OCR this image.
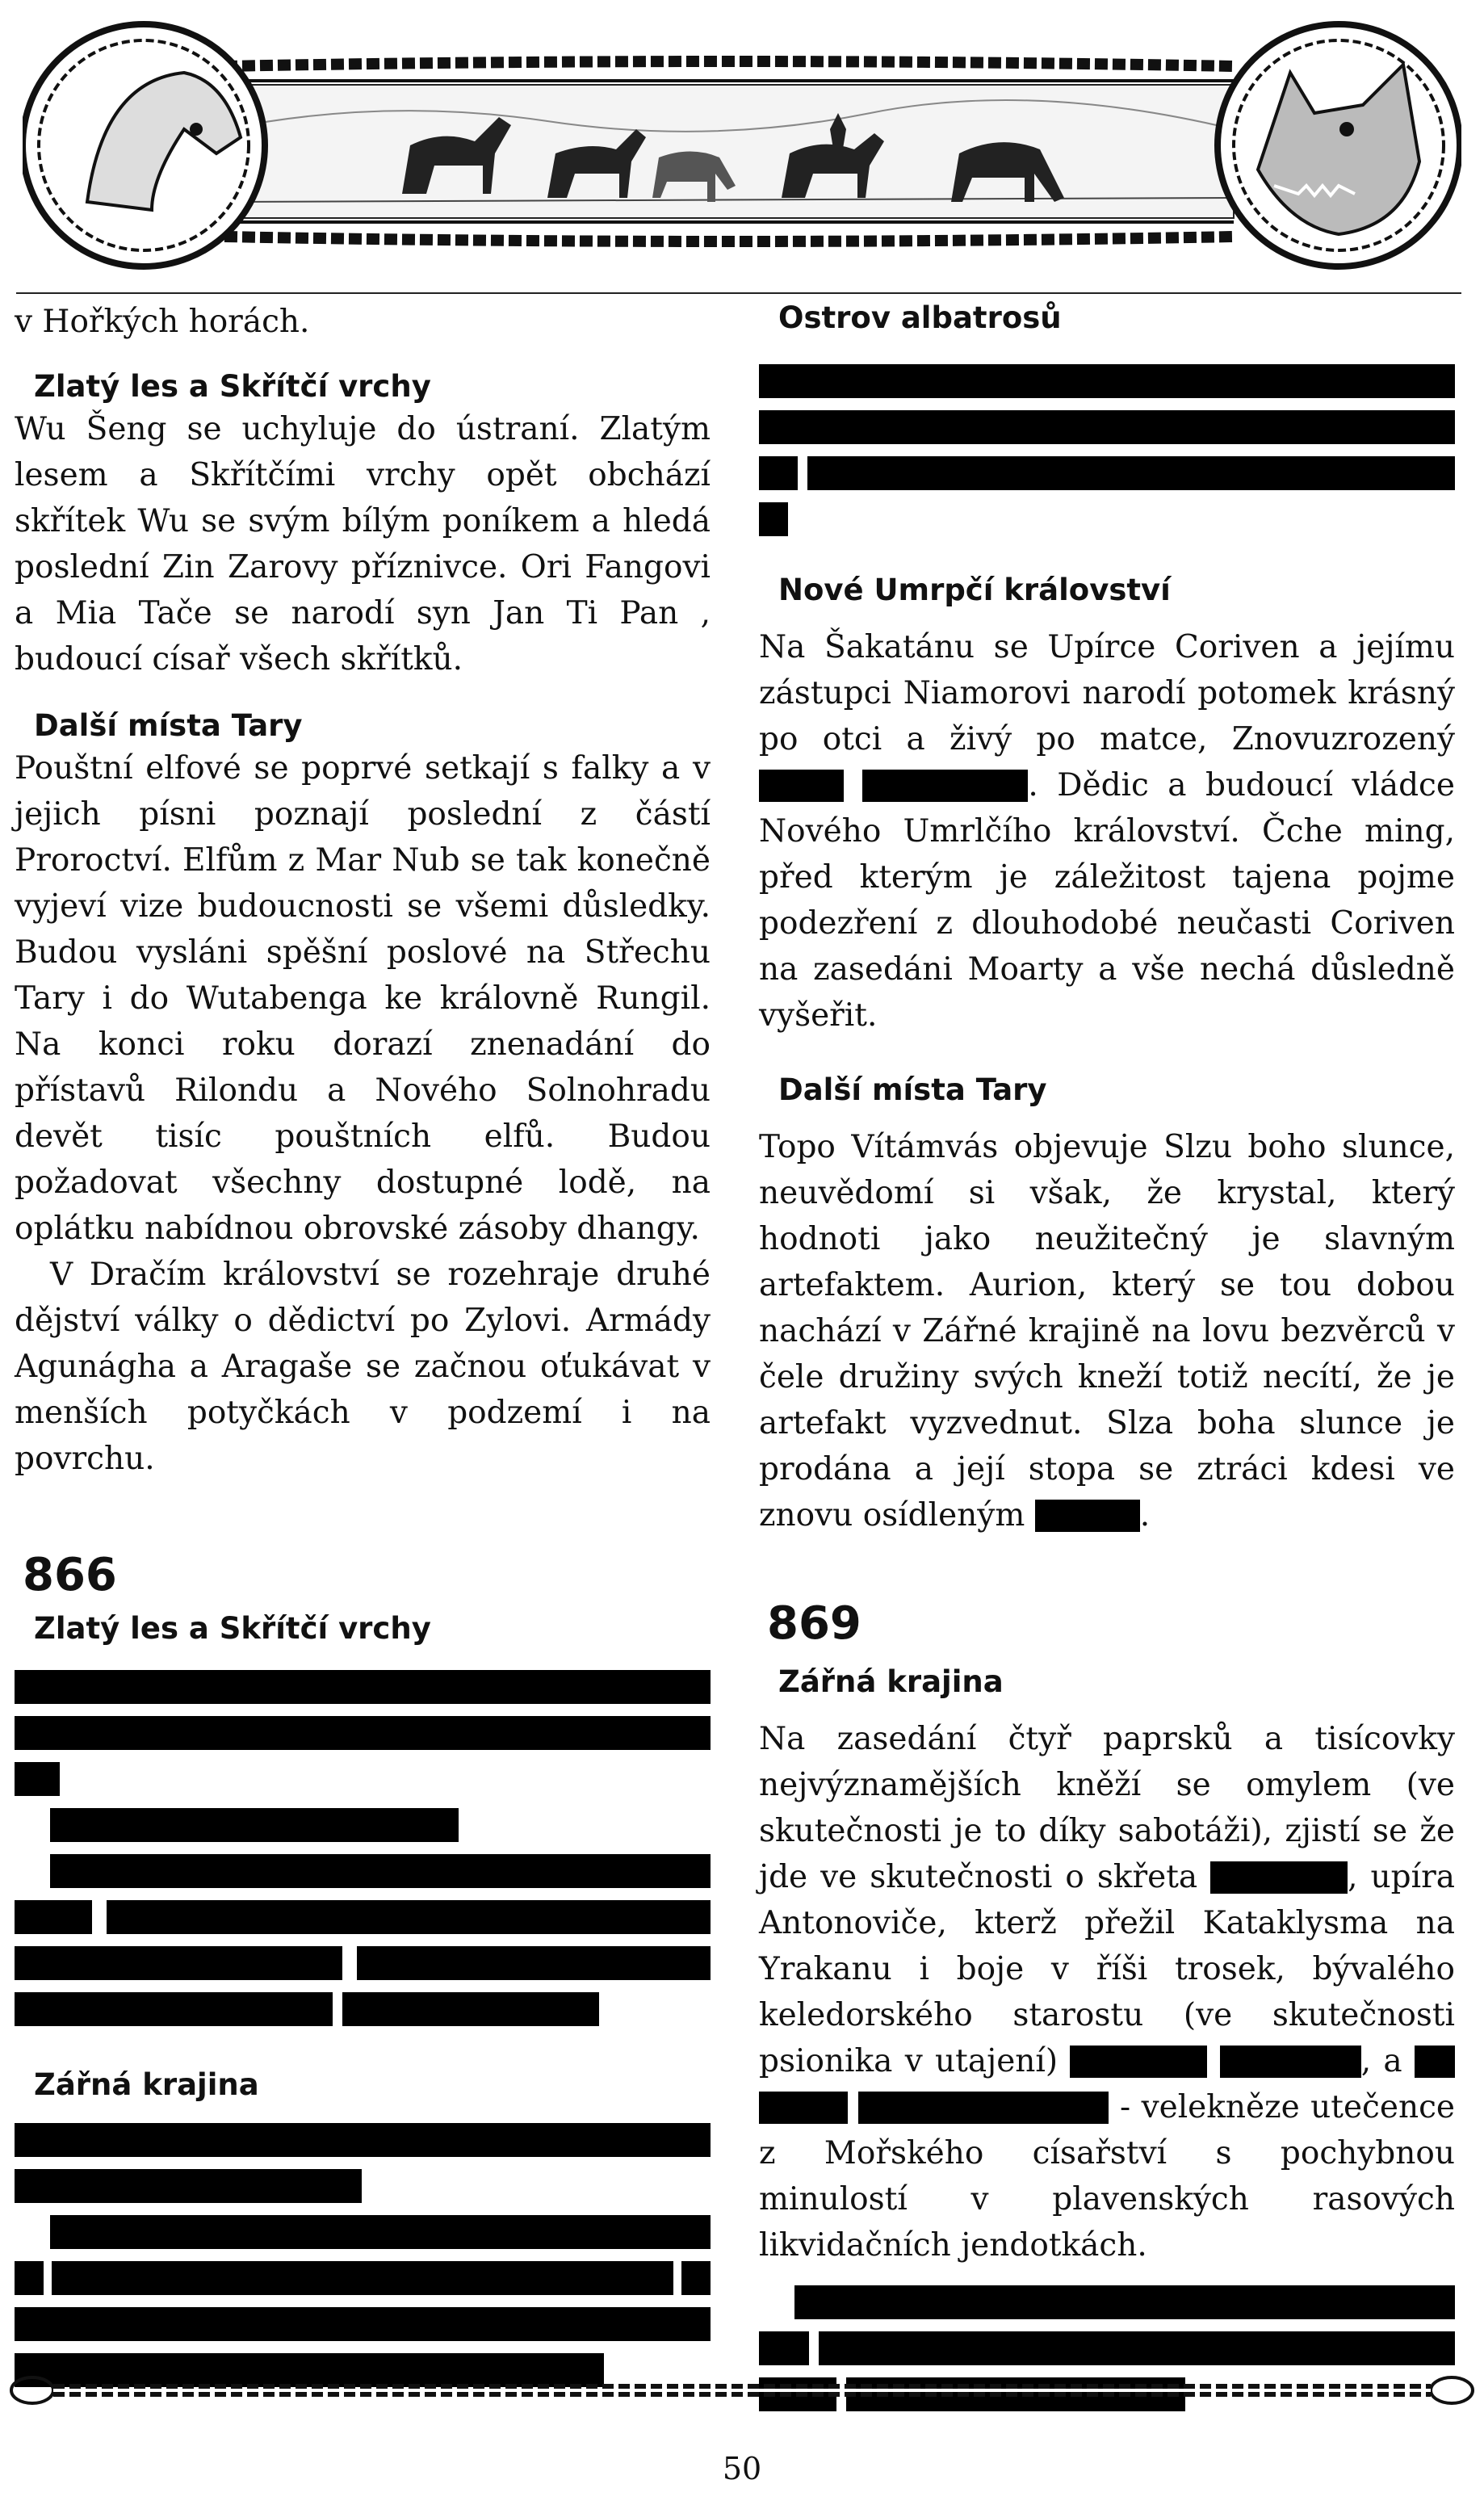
v Hořkých horách.

Zlatý les a Skřítčí vrchy

Wu Šeng se uchyluje do ústraní. Zlatým lesem a Skřítčími vrchy opět obchází skřítek Wu se svým bílým poníkem a hledá poslední Zin Zarovy příznivce. Ori Fangovi a Mia Tače se narodí syn Jan Ti Pan , budoucí císař všech skřítků.

Další místa Tary

Pouštní elfové se poprvé setkají s falky a v jejich písni poznají poslední z částí Proroctví. Elfům z Mar Nub se tak konečně vyjeví vize budoucnosti se všemi důsledky. Budou vysláni spěšní poslové na Střechu Tary i do Wutabenga ke královně Rungil. Na konci roku dorazí znenadání do přístavů Rilondu a Nového Solnohradu devět tisíc pouštních elfů. Budou požadovat všechny dostupné lodě, na oplátku nabídnou obrovské zásoby dhangy.

V Dračím království se rozehraje druhé dějství války o dědictví po Zylovi. Armády Agunágha a Aragaše se začnou oťukávat v menších potyčkách v podzemí i na povrchu.

866
Zlatý les a Skřítčí vrchy
Zářná krajina
Ostrov albatrosů
Nové Umrpčí království

Na Šakatánu se Upírce Coriven a jejímu zástupci Niamorovi narodí potomek krásný po otci a živý po matce, Znovuzrozený  . Dědic a budoucí vládce Nového Umrlčího království. Čche ming, před kterým je záležitost tajena pojme podezření z dlouhodobé neučasti Coriven na zasedáni Moarty a vše nechá důsledně vyšeřit.

Další místa Tary

Topo Vítámvás objevuje Slzu boho slunce, neuvědomí si však, že krystal, který hodnoti jako neužitečný je slavným artefaktem. Aurion, který se tou dobou nachází v Zářné krajině na lovu bezvěrců v čele družiny svých kneží totiž necítí, že je artefakt vyzvednut. Slza boha slunce je prodána a její stopa se ztráci kdesi ve znovu osídleným	.

869
Zářná krajina

Na zasedání čtyř paprsků a tisícovky nejvýznamějších kněží se omylem (ve skutečnosti je to díky sabotáži), zjistí se že jde ve skutečnosti o skřeta	, upíra Antonoviče, kterž přežil Kataklysma na Yrakanu i boje v říši trosek, bývalého keledorského starostu (ve skutečnosti psionika v utajení)	, a    - velekněze utečence z Mořského císařství s pochybnou minulostí v plavenských rasových likvidačních jendotkách.

50
